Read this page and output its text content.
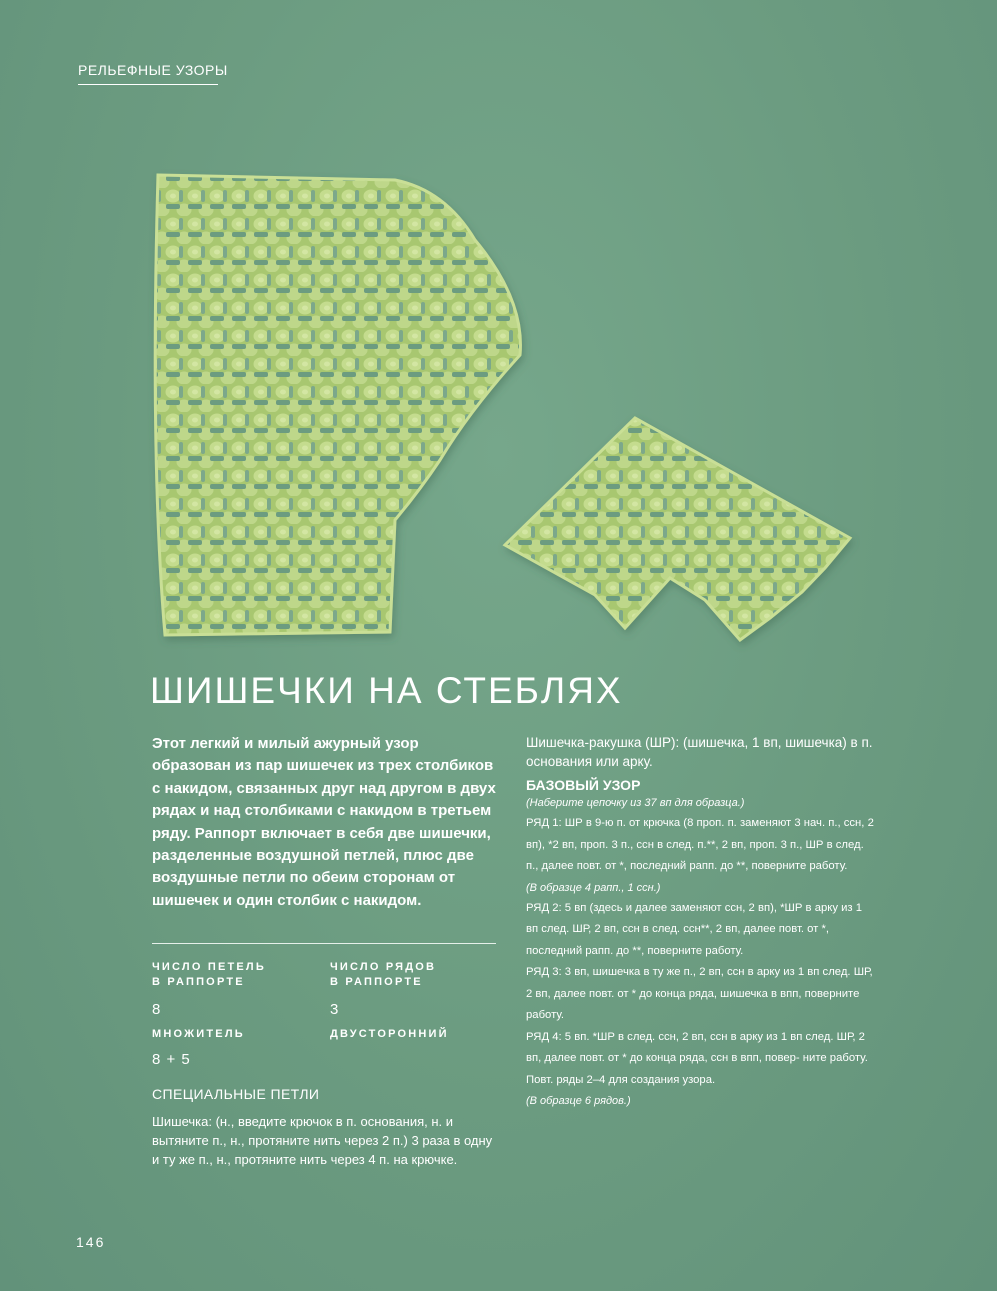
РЕЛЬЕФНЫЕ УЗОРЫ
ШИШЕЧКИ НА СТЕБЛЯХ
Этот легкий и милый ажурный узор образован из пар шишечек из трех столбиков с накидом, связанных друг над другом в двух рядах и над столбиками с накидом в третьем ряду. Раппорт включает в себя две шишечки, разделенные воздушной петлей, плюс две воздушные петли по обеим сторонам от шишечек и один столбик с накидом.
ЧИСЛО ПЕТЕЛЬ
В РАППОРТЕ
ЧИСЛО РЯДОВ
В РАППОРТЕ
8	3
МНОЖИТЕЛЬ	ДВУСТОРОННИЙ
8 + 5
СПЕЦИАЛЬНЫЕ ПЕТЛИ
Шишечка: (н., введите крючок в п. основания, н. и вытяните п., н., протяните нить через 2 п.) 3 раза в одну и ту же п., н., протяните нить через 4 п. на крючке.
Шишечка-ракушка (ШР): (шишечка, 1 вп, шишечка) в п. основания или арку.
БАЗОВЫЙ УЗОР
(Наберите цепочку из 37 вп для образца.)
РЯД 1: ШР в 9-ю п. от крючка (8 проп. п. заменяют 3 нач. п., ссн, 2 вп), *2 вп, проп. 3 п., ссн в след. п.**, 2 вп, проп. 3 п., ШР в след. п., далее повт. от *, последний рапп. до **, поверните работу.
(В образце 4 рапп., 1 ссн.)
РЯД 2: 5 вп (здесь и далее заменяют ссн, 2 вп), *ШР в арку из 1 вп след. ШР, 2 вп, ссн в след. ссн**, 2 вп, далее повт. от *, последний рапп. до **, поверните работу.
РЯД 3: 3 вп, шишечка в ту же п., 2 вп, ссн в арку из 1 вп след. ШР, 2 вп, далее повт. от * до конца ряда, шишечка в впп, поверните работу.
РЯД 4: 5 вп. *ШР в след. ссн, 2 вп, ссн в арку из 1 вп след. ШР, 2 вп, далее повт. от * до конца ряда, ссн в впп, повер- ните работу.
Повт. ряды 2–4 для создания узора.
(В образце 6 рядов.)
146
